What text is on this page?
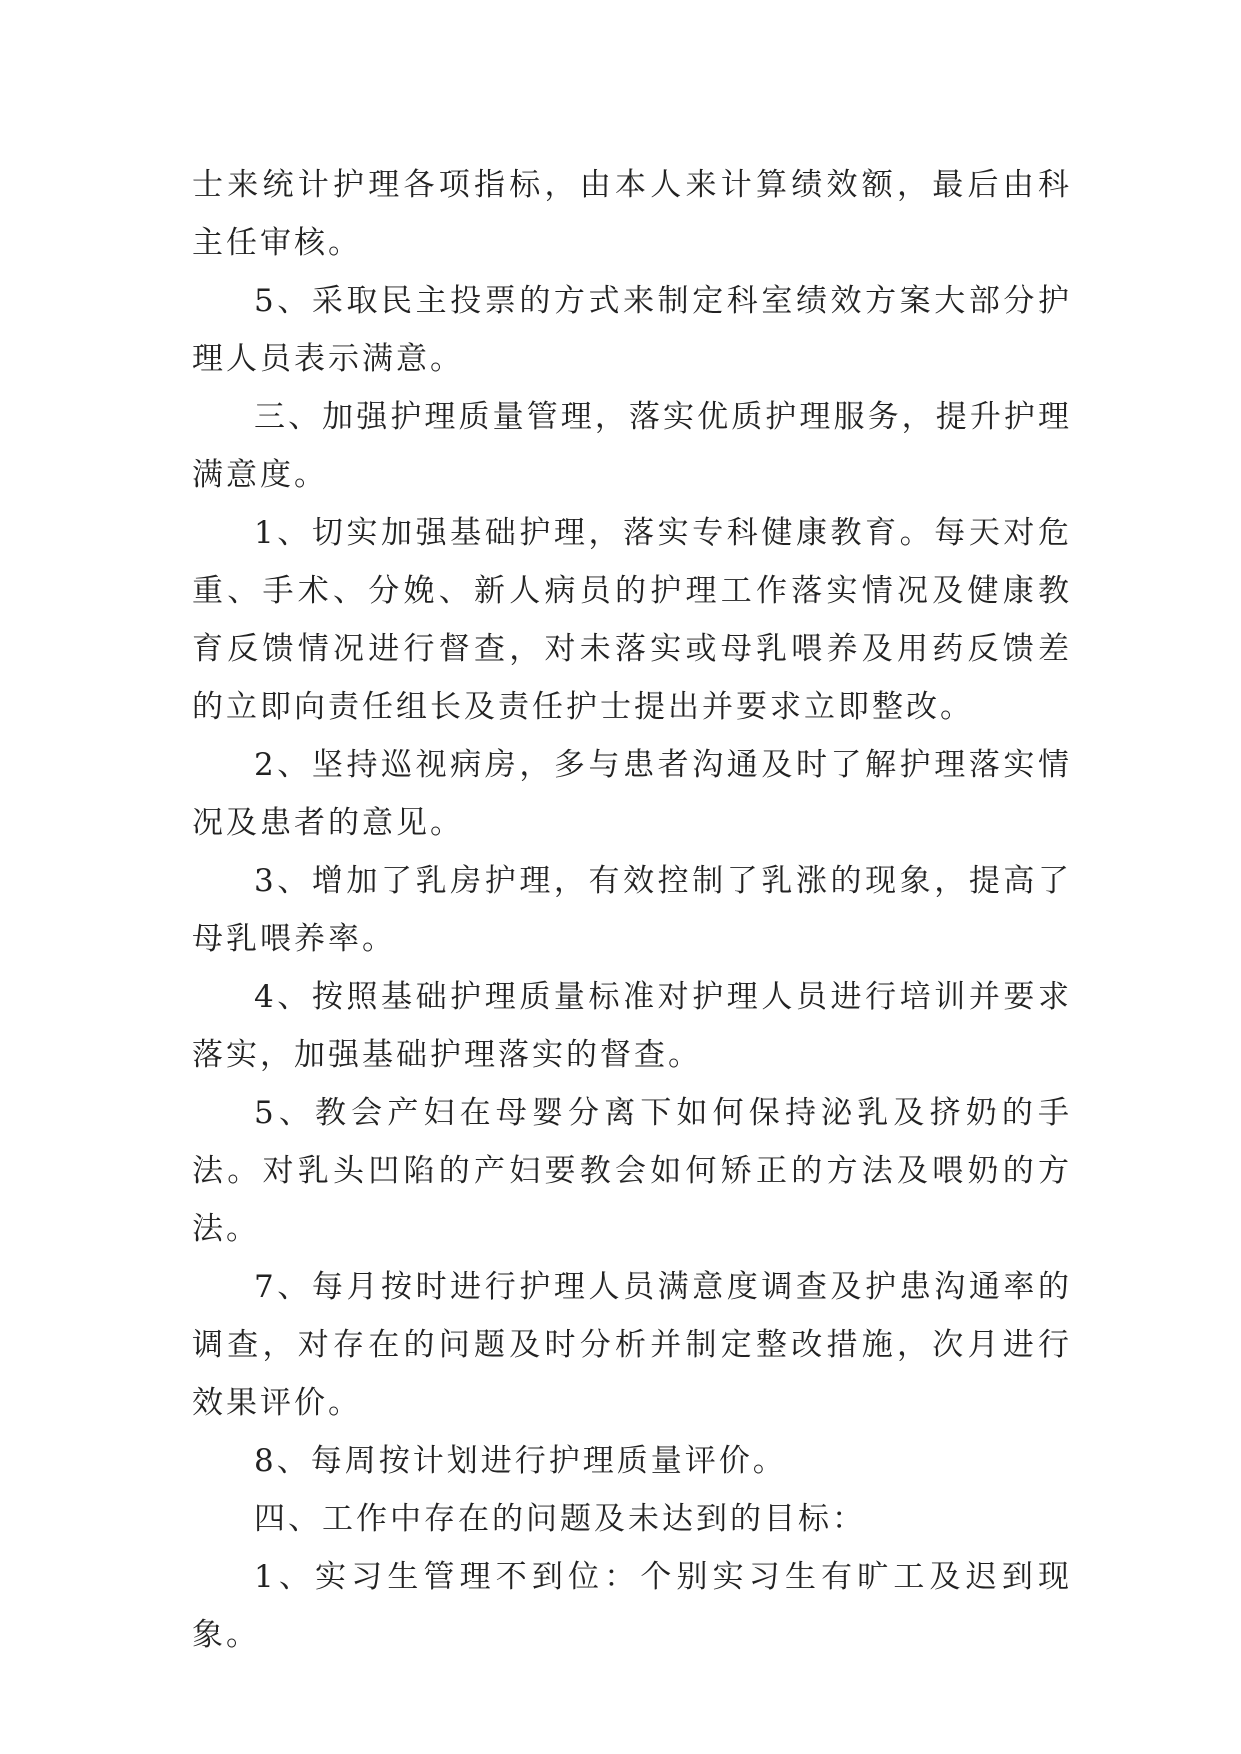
士来统计护理各项指标，由本人来计算绩效额，最后由科主任审核。

5、采取民主投票的方式来制定科室绩效方案大部分护理人员表示满意。

三、加强护理质量管理，落实优质护理服务，提升护理满意度。

1、切实加强基础护理，落实专科健康教育。每天对危重、手术、分娩、新人病员的护理工作落实情况及健康教育反馈情况进行督查，对未落实或母乳喂养及用药反馈差的立即向责任组长及责任护士提出并要求立即整改。

2、坚持巡视病房，多与患者沟通及时了解护理落实情况及患者的意见。

3、增加了乳房护理，有效控制了乳涨的现象，提高了母乳喂养率。

4、按照基础护理质量标准对护理人员进行培训并要求落实，加强基础护理落实的督查。

5、教会产妇在母婴分离下如何保持泌乳及挤奶的手法。对乳头凹陷的产妇要教会如何矫正的方法及喂奶的方法。

7、每月按时进行护理人员满意度调查及护患沟通率的调查，对存在的问题及时分析并制定整改措施，次月进行效果评价。

8、每周按计划进行护理质量评价。

四、工作中存在的问题及未达到的目标：

1、实习生管理不到位：个别实习生有旷工及迟到现象。
